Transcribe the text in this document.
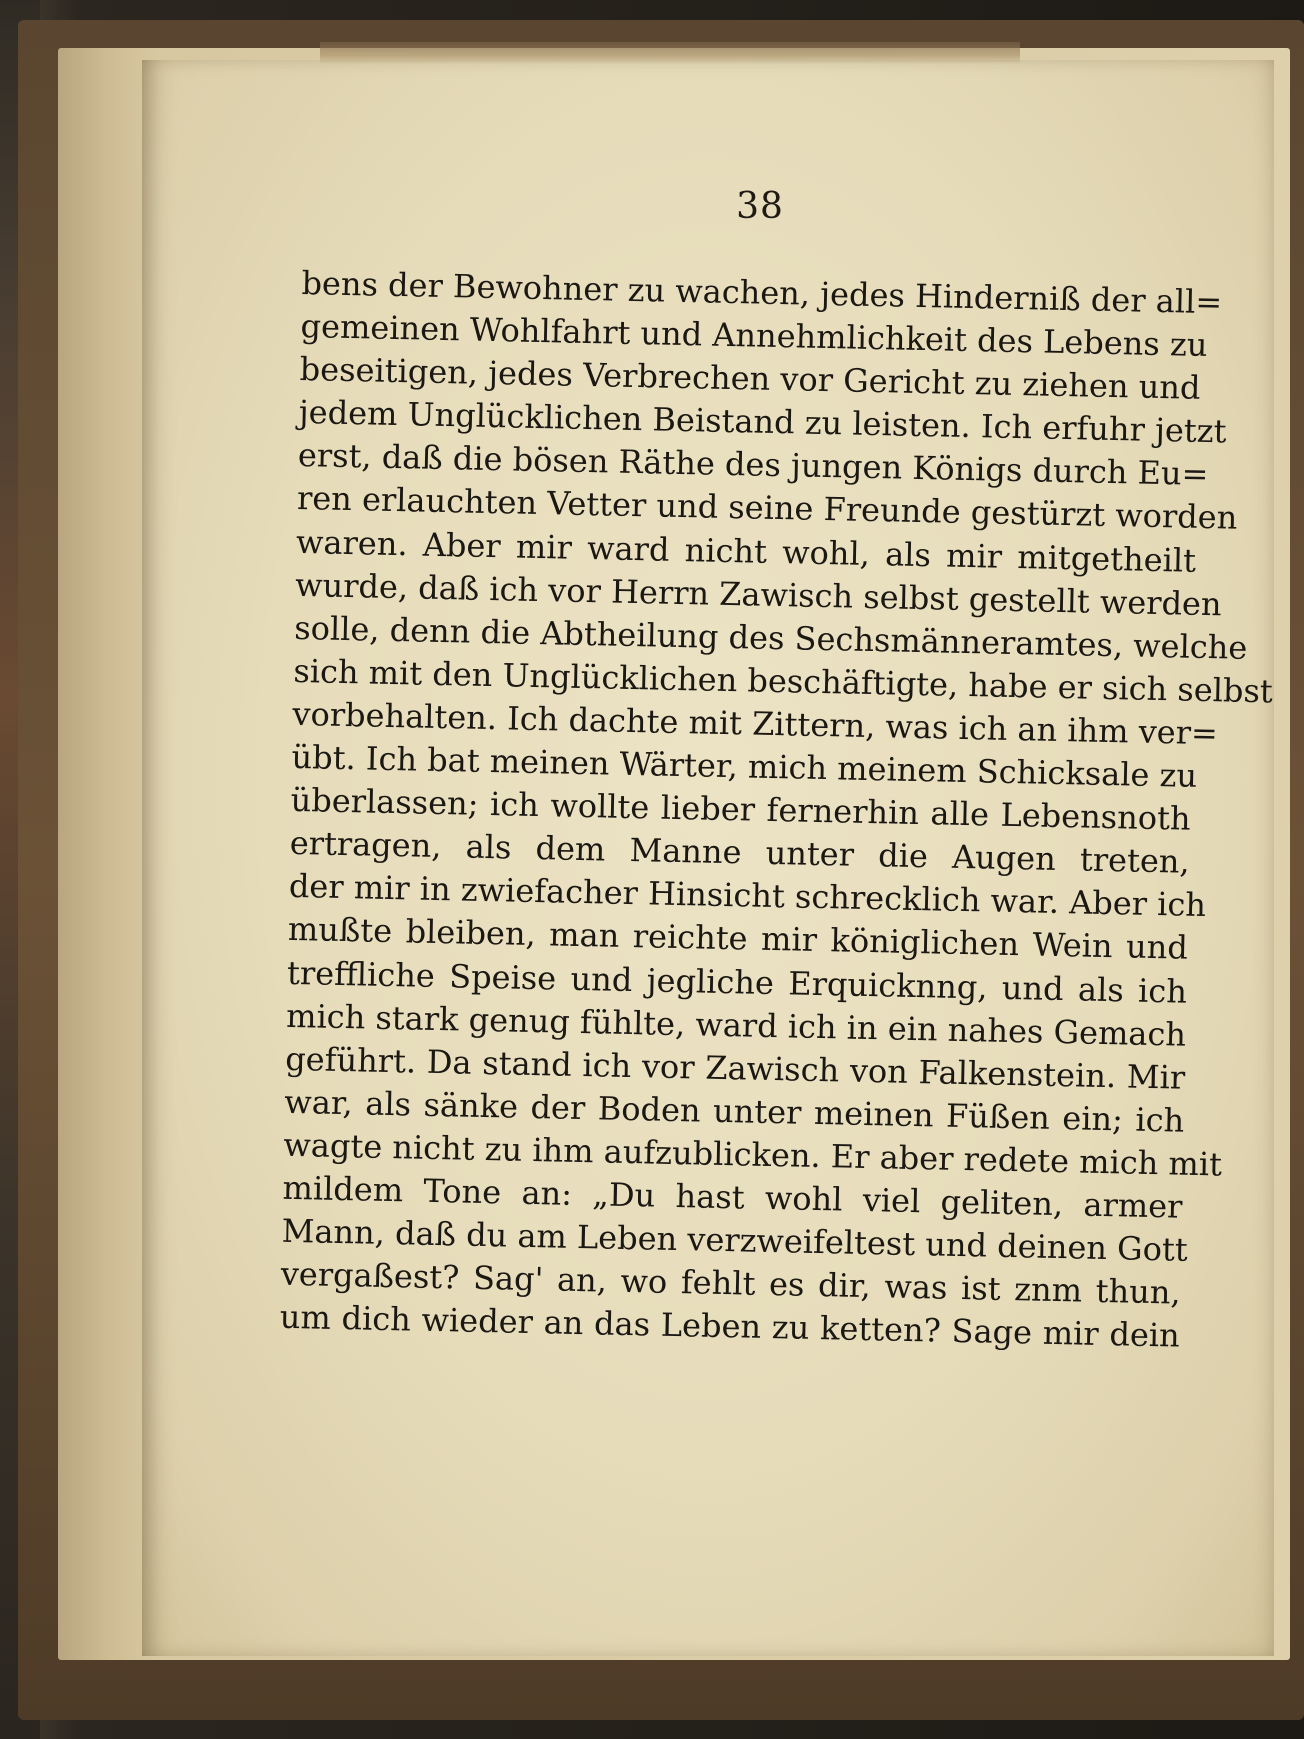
38
bens der Bewohner zu wachen, jedes Hinderniß der all=
gemeinen Wohlfahrt und Annehmlichkeit des Lebens zu
beseitigen, jedes Verbrechen vor Gericht zu ziehen und
jedem Unglücklichen Beistand zu leisten. Ich erfuhr jetzt
erst, daß die bösen Räthe des jungen Königs durch Eu=
ren erlauchten Vetter und seine Freunde gestürzt worden
waren. Aber mir ward nicht wohl, als mir mitgetheilt
wurde, daß ich vor Herrn Zawisch selbst gestellt werden
solle, denn die Abtheilung des Sechsmänneramtes, welche
sich mit den Unglücklichen beschäftigte, habe er sich selbst
vorbehalten. Ich dachte mit Zittern, was ich an ihm ver=
übt. Ich bat meinen Wärter, mich meinem Schicksale zu
überlassen; ich wollte lieber fernerhin alle Lebensnoth
ertragen, als dem Manne unter die Augen treten,
der mir in zwiefacher Hinsicht schrecklich war. Aber ich
mußte bleiben, man reichte mir königlichen Wein und
treffliche Speise und jegliche Erquicknng, und als ich
mich stark genug fühlte, ward ich in ein nahes Gemach
geführt. Da stand ich vor Zawisch von Falkenstein. Mir
war, als sänke der Boden unter meinen Füßen ein; ich
wagte nicht zu ihm aufzublicken. Er aber redete mich mit
mildem Tone an: „Du hast wohl viel geliten, armer
Mann, daß du am Leben verzweifeltest und deinen Gott
vergaßest? Sag' an, wo fehlt es dir, was ist znm thun,
um dich wieder an das Leben zu ketten? Sage mir dein
